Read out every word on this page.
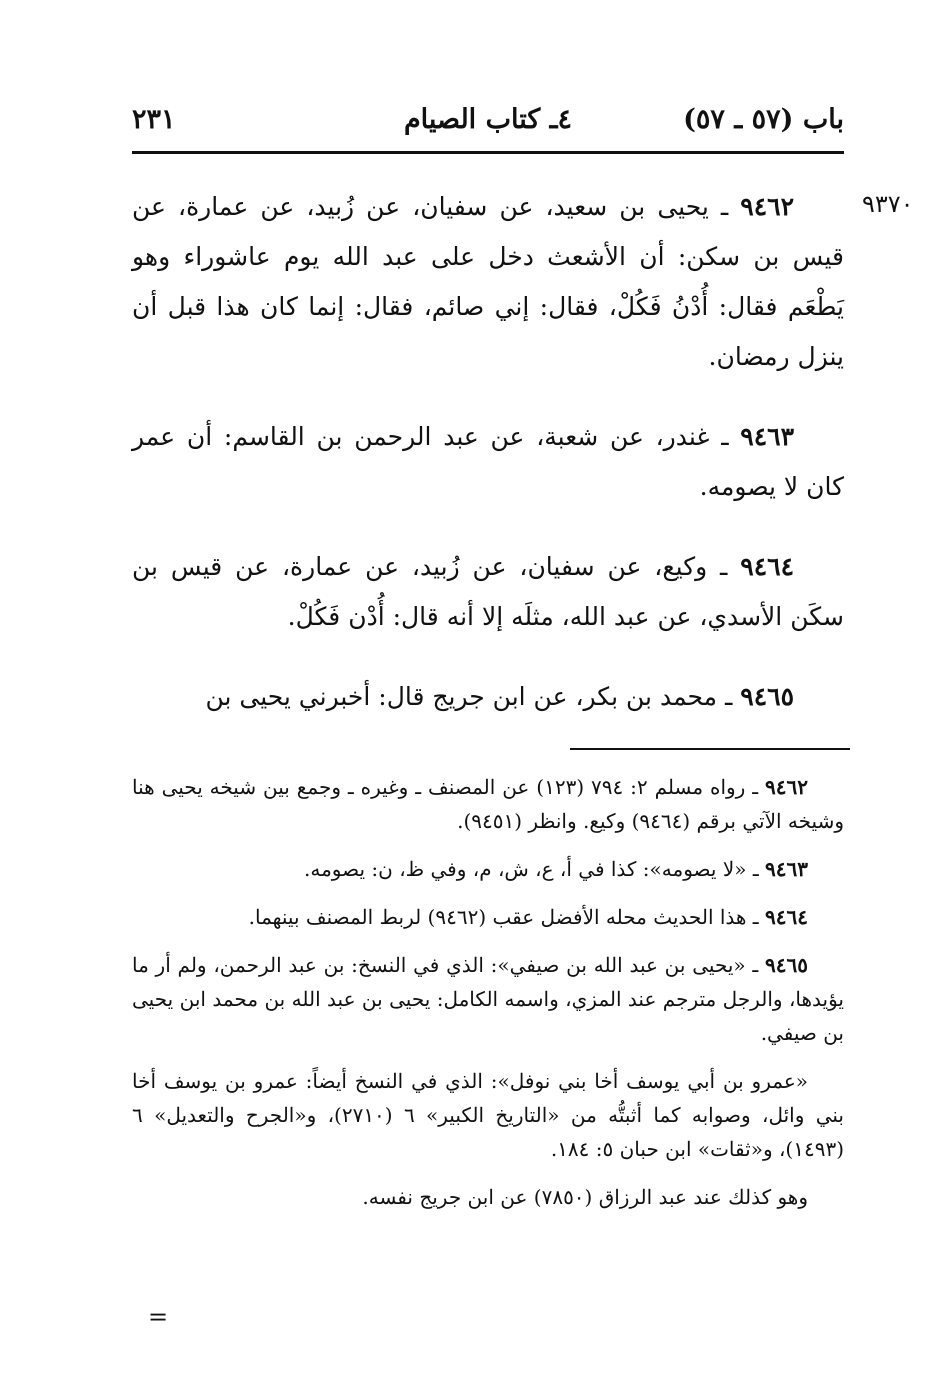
باب (٥٧ ـ ٥٧)
٤ـ كتاب الصيام
٢٣١
٩٣٧٠

٩٤٦٢ ـ يحيى بن سعيد، عن سفيان، عن زُبيد، عن عمارة، عن قيس بن سكن: أن الأشعث دخل على عبد الله يوم عاشوراء وهو يَطْعَم فقال: أُدْنُ فَكُلْ، فقال: إني صائم، فقال: إنما كان هذا قبل أن ينزل رمضان.

٩٤٦٣ ـ غندر، عن شعبة، عن عبد الرحمن بن القاسم: أن عمر كان لا يصومه.

٩٤٦٤ ـ وكيع، عن سفيان، عن زُبيد، عن عمارة، عن قيس بن سكَن الأسدي، عن عبد الله، مثلَه إلا أنه قال: أُدْن فَكُلْ.

٩٤٦٥ ـ محمد بن بكر، عن ابن جريج قال: أخبرني يحيى بن

٩٤٦٢ ـ رواه مسلم ٢: ٧٩٤ (١٢٣) عن المصنف ـ وغيره ـ وجمع بين شيخه يحيى هنا وشيخه الآتي برقم (٩٤٦٤) وكيع. وانظر (٩٤٥١).

٩٤٦٣ ـ «لا يصومه»: كذا في أ، ع، ش، م، وفي ظ، ن: يصومه.

٩٤٦٤ ـ هذا الحديث محله الأفضل عقب (٩٤٦٢) لربط المصنف بينهما.

٩٤٦٥ ـ «يحيى بن عبد الله بن صيفي»: الذي في النسخ: بن عبد الرحمن، ولم أر ما يؤيدها، والرجل مترجم عند المزي، واسمه الكامل: يحيى بن عبد الله بن محمد ابن يحيى بن صيفي.

«عمرو بن أبي يوسف أخا بني نوفل»: الذي في النسخ أيضاً: عمرو بن يوسف أخا بني وائل، وصوابه كما أثبتُّه من «التاريخ الكبير» ٦ (٢٧١٠)، و«الجرح والتعديل» ٦ (١٤٩٣)، و«ثقات» ابن حبان ٥: ١٨٤.

وهو كذلك عند عبد الرزاق (٧٨٥٠) عن ابن جريج نفسه.

=
